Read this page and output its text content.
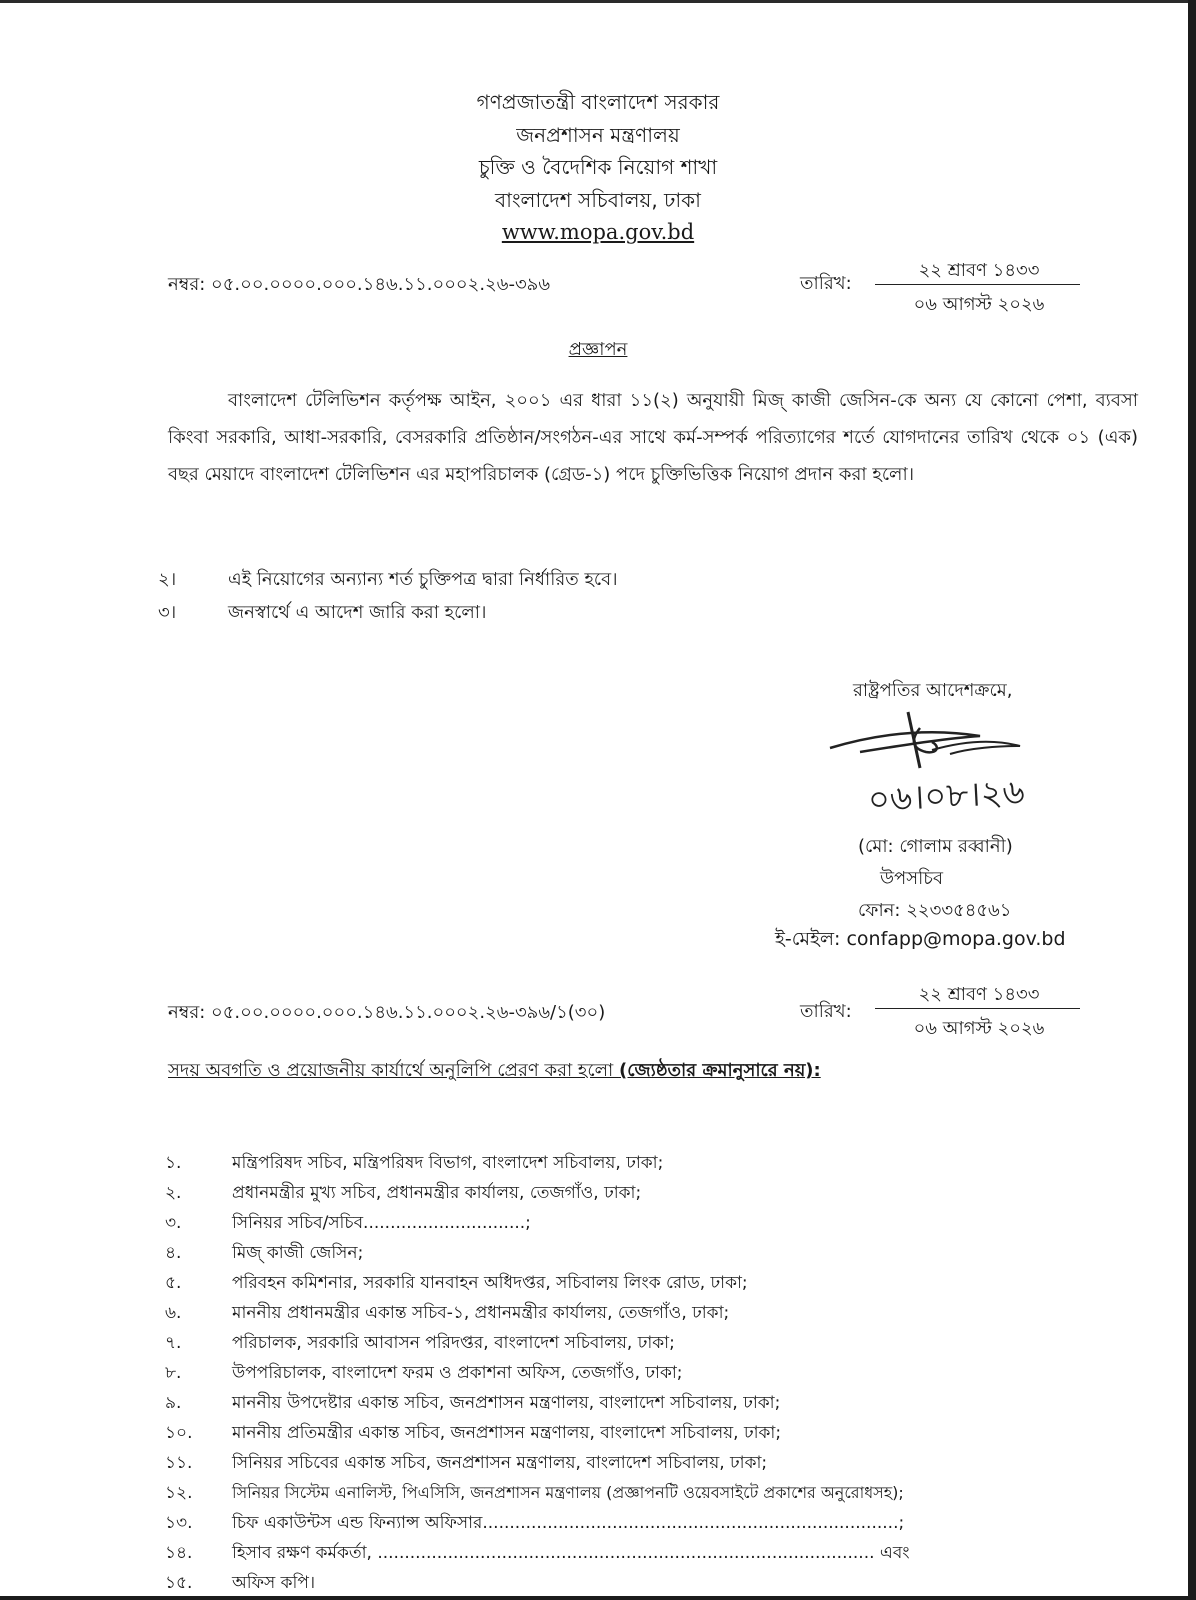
গণপ্রজাতন্ত্রী বাংলাদেশ সরকার
জনপ্রশাসন মন্ত্রণালয়
চুক্তি ও বৈদেশিক নিয়োগ শাখা
বাংলাদেশ সচিবালয়, ঢাকা
www.mopa.gov.bd
নম্বর: ০৫.০০.০০০০.০০০.১৪৬.১১.০০০২.২৬-৩৯৬	তারিখ:
২২ শ্রাবণ ১৪৩৩
০৬ আগস্ট ২০২৬
প্রজ্ঞাপন
বাংলাদেশ টেলিভিশন কর্তৃপক্ষ আইন, ২০০১ এর ধারা ১১(২) অনুযায়ী মিজ্ কাজী জেসিন-কে অন্য যে কোনো পেশা, ব্যবসা কিংবা সরকারি, আধা-সরকারি, বেসরকারি প্রতিষ্ঠান/সংগঠন-এর সাথে কর্ম-সম্পর্ক পরিত্যাগের শর্তে যোগদানের তারিখ থেকে ০১ (এক) বছর মেয়াদে বাংলাদেশ টেলিভিশন এর মহাপরিচালক (গ্রেড-১) পদে চুক্তিভিত্তিক নিয়োগ প্রদান করা হলো।
২।	এই নিয়োগের অন্যান্য শর্ত চুক্তিপত্র দ্বারা নির্ধারিত হবে।
৩।	জনস্বার্থে এ আদেশ জারি করা হলো।
রাষ্ট্রপতির আদেশক্রমে,
০৬।০৮।২৬
(মো: গোলাম রব্বানী)
উপসচিব
ফোন: ২২৩৩৫৪৫৬১
ই-মেইল: confapp@mopa.gov.bd
নম্বর: ০৫.০০.০০০০.০০০.১৪৬.১১.০০০২.২৬-৩৯৬/১(৩০)	তারিখ:
২২ শ্রাবণ ১৪৩৩
০৬ আগস্ট ২০২৬
সদয় অবগতি ও প্রয়োজনীয় কার্যার্থে অনুলিপি প্রেরণ করা হলো (জ্যেষ্ঠতার ক্রমানুসারে নয়):
১.	মন্ত্রিপরিষদ সচিব, মন্ত্রিপরিষদ বিভাগ, বাংলাদেশ সচিবালয়, ঢাকা;
২.	প্রধানমন্ত্রীর মুখ্য সচিব, প্রধানমন্ত্রীর কার্যালয়, তেজগাঁও, ঢাকা;
৩.	সিনিয়র সচিব/সচিব..............................;
৪.	মিজ্ কাজী জেসিন;
৫.	পরিবহন কমিশনার, সরকারি যানবাহন অধিদপ্তর, সচিবালয় লিংক রোড, ঢাকা;
৬.	মাননীয় প্রধানমন্ত্রীর একান্ত সচিব-১, প্রধানমন্ত্রীর কার্যালয়, তেজগাঁও, ঢাকা;
৭.	পরিচালক, সরকারি আবাসন পরিদপ্তর, বাংলাদেশ সচিবালয়, ঢাকা;
৮.	উপপরিচালক, বাংলাদেশ ফরম ও প্রকাশনা অফিস, তেজগাঁও, ঢাকা;
৯.	মাননীয় উপদেষ্টার একান্ত সচিব, জনপ্রশাসন মন্ত্রণালয়, বাংলাদেশ সচিবালয়, ঢাকা;
১০. মাননীয় প্রতিমন্ত্রীর একান্ত সচিব, জনপ্রশাসন মন্ত্রণালয়, বাংলাদেশ সচিবালয়, ঢাকা;
১১. সিনিয়র সচিবের একান্ত সচিব, জনপ্রশাসন মন্ত্রণালয়, বাংলাদেশ সচিবালয়, ঢাকা;
১২. সিনিয়র সিস্টেম এনালিস্ট, পিএসিসি, জনপ্রশাসন মন্ত্রণালয় (প্রজ্ঞাপনটি ওয়েবসাইটে প্রকাশের অনুরোধসহ);
১৩. চিফ একাউন্টস এন্ড ফিন্যান্স অফিসার.............................................................................;
১৪. হিসাব রক্ষণ কর্মকর্তা, ............................................................................................ এবং
১৫. অফিস কপি।
